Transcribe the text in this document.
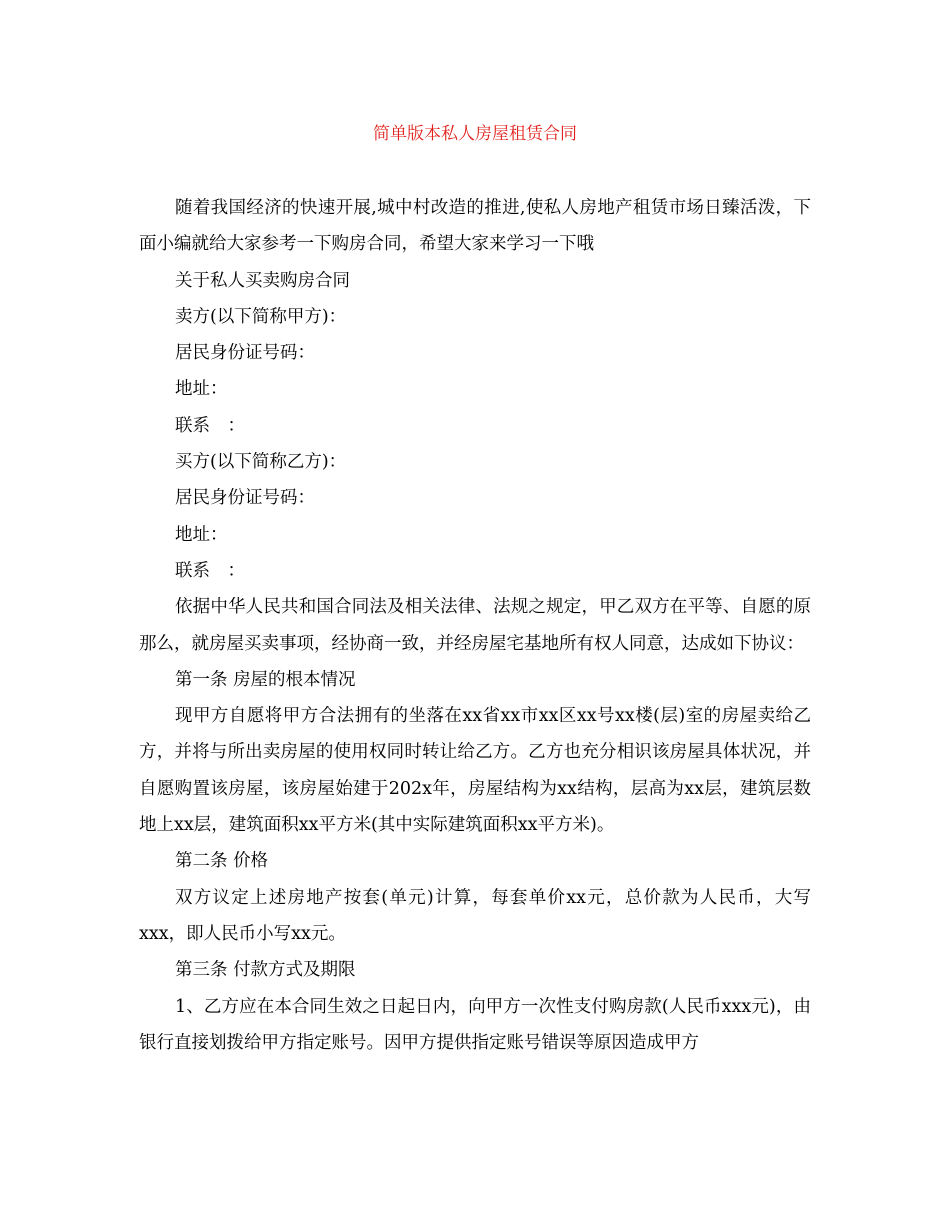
简单版本私人房屋租赁合同

随着我国经济的快速开展,城中村改造的推进,使私人房地产租赁市场日臻活泼，下面小编就给大家参考一下购房合同，希望大家来学习一下哦

关于私人买卖购房合同

卖方(以下简称甲方)：

居民身份证号码：

地址：

联系　：

买方(以下简称乙方)：

居民身份证号码：

地址：

联系　：

依据中华人民共和国合同法及相关法律、法规之规定，甲乙双方在平等、自愿的原那么，就房屋买卖事项，经协商一致，并经房屋宅基地所有权人同意，达成如下协议：

第一条 房屋的根本情况

现甲方自愿将甲方合法拥有的坐落在xx省xx市xx区xx号xx楼(层)室的房屋卖给乙方，并将与所出卖房屋的使用权同时转让给乙方。乙方也充分相识该房屋具体状况，并自愿购置该房屋，该房屋始建于202x年，房屋结构为xx结构，层高为xx层，建筑层数地上xx层，建筑面积xx平方米(其中实际建筑面积xx平方米)。

第二条 价格

双方议定上述房地产按套(单元)计算，每套单价xx元，总价款为人民币，大写xxx，即人民币小写xx元。

第三条 付款方式及期限

1、乙方应在本合同生效之日起日内，向甲方一次性支付购房款(人民币xxx元)，由银行直接划拨给甲方指定账号。因甲方提供指定账号错误等原因造成甲方
